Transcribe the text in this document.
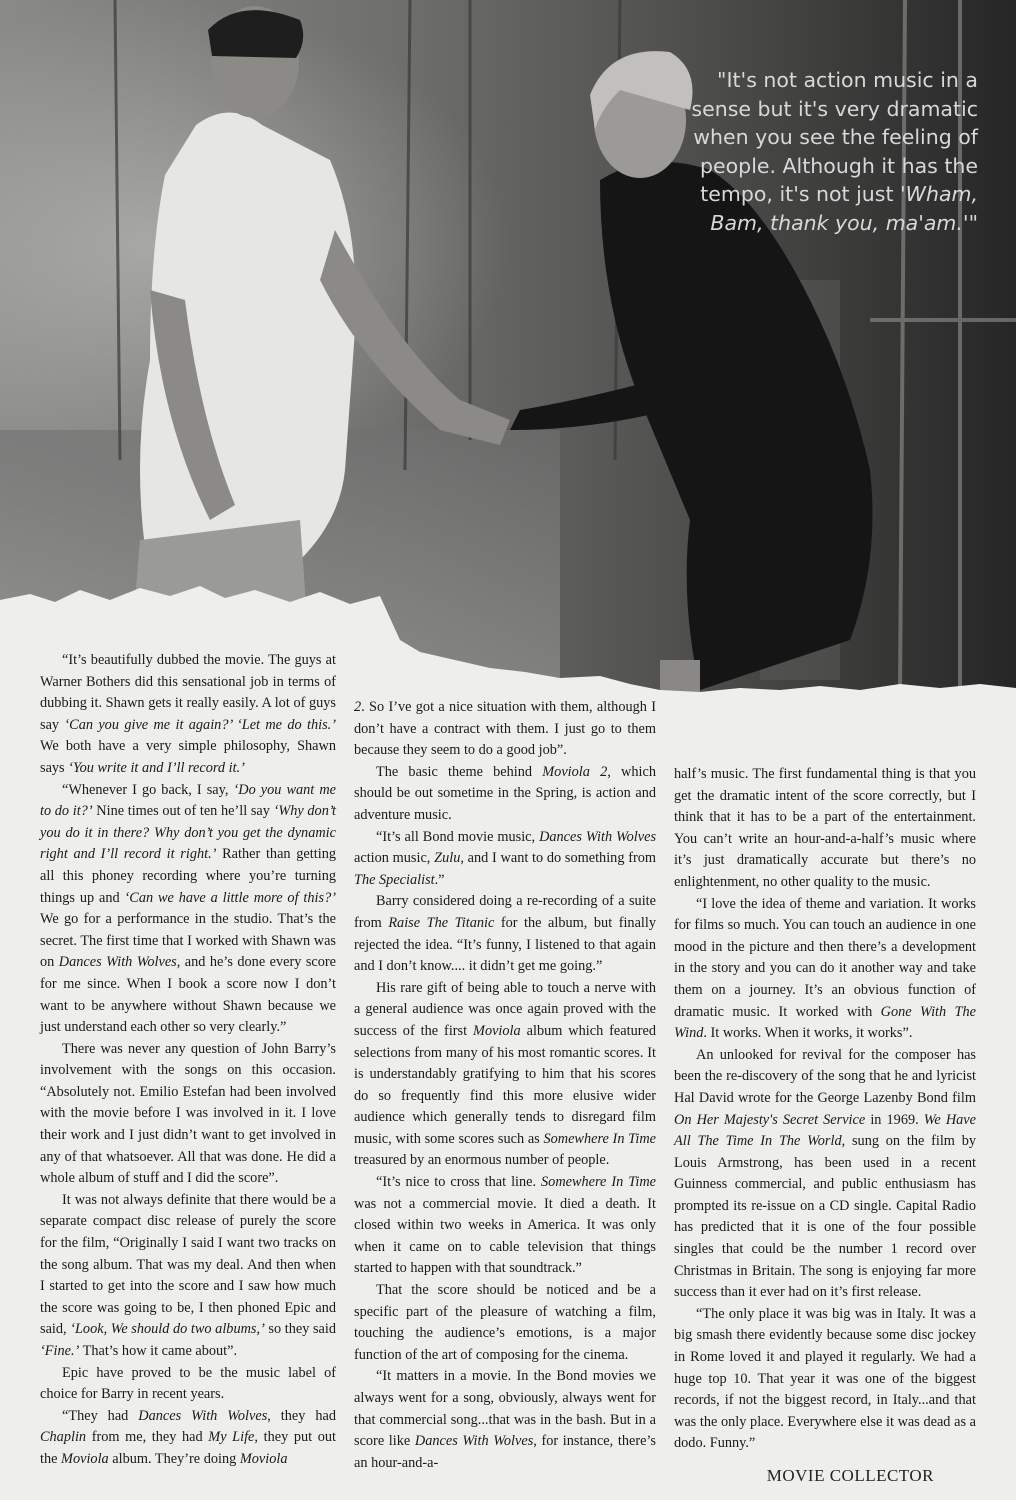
"It's not action music in a sense but it's very dramatic when you see the feeling of people. Although it has the tempo, it's not just 'Wham, Bam, thank you, ma'am.'"

“It’s beautifully dubbed the movie. The guys at Warner Bothers did this sensational job in terms of dubbing it. Shawn gets it really easily. A lot of guys say ‘Can you give me it again?’ ‘Let me do this.’ We both have a very simple philosophy, Shawn says ‘You write it and I’ll record it.’

“Whenever I go back, I say, ‘Do you want me to do it?’ Nine times out of ten he’ll say ‘Why don’t you do it in there? Why don’t you get the dynamic right and I’ll record it right.’ Rather than getting all this phoney recording where you’re turning things up and ‘Can we have a little more of this?’ We go for a performance in the studio. That’s the secret. The first time that I worked with Shawn was on Dances With Wolves, and he’s done every score for me since. When I book a score now I don’t want to be anywhere without Shawn because we just understand each other so very clearly.”

There was never any question of John Barry’s involvement with the songs on this occasion. “Absolutely not. Emilio Estefan had been involved with the movie before I was involved in it. I love their work and I just didn’t want to get involved in any of that whatsoever. All that was done. He did a whole album of stuff and I did the score”.

It was not always definite that there would be a separate compact disc release of purely the score for the film, “Originally I said I want two tracks on the song album. That was my deal. And then when I started to get into the score and I saw how much the score was going to be, I then phoned Epic and said, ‘Look, We should do two albums,’ so they said ‘Fine.’ That’s how it came about”.

Epic have proved to be the music label of choice for Barry in recent years.

“They had Dances With Wolves, they had Chaplin from me, they had My Life, they put out the Moviola album. They’re doing Moviola

2. So I’ve got a nice situation with them, although I don’t have a contract with them. I just go to them because they seem to do a good job”.

The basic theme behind Moviola 2, which should be out sometime in the Spring, is action and adventure music.

“It’s all Bond movie music, Dances With Wolves action music, Zulu, and I want to do something from The Specialist.”

Barry considered doing a re-recording of a suite from Raise The Titanic for the album, but finally rejected the idea. “It’s funny, I listened to that again and I don’t know.... it didn’t get me going.”

His rare gift of being able to touch a nerve with a general audience was once again proved with the success of the first Moviola album which featured selections from many of his most romantic scores. It is understandably gratifying to him that his scores do so frequently find this more elusive wider audience which generally tends to disregard film music, with some scores such as Somewhere In Time treasured by an enormous number of people.

“It’s nice to cross that line. Somewhere In Time was not a commercial movie. It died a death. It closed within two weeks in America. It was only when it came on to cable television that things started to happen with that soundtrack.”

That the score should be noticed and be a specific part of the pleasure of watching a film, touching the audience’s emotions, is a major function of the art of composing for the cinema.

“It matters in a movie. In the Bond movies we always went for a song, obviously, always went for that commercial song...that was in the bash. But in a score like Dances With Wolves, for instance, there’s an hour-and-a-

half’s music. The first fundamental thing is that you get the dramatic intent of the score correctly, but I think that it has to be a part of the entertainment. You can’t write an hour-and-a-half’s music where it’s just dramatically accurate but there’s no enlightenment, no other quality to the music.

“I love the idea of theme and variation. It works for films so much. You can touch an audience in one mood in the picture and then there’s a development in the story and you can do it another way and take them on a journey. It’s an obvious function of dramatic music. It worked with Gone With The Wind. It works. When it works, it works”.

An unlooked for revival for the composer has been the re-discovery of the song that he and lyricist Hal David wrote for the George Lazenby Bond film On Her Majesty's Secret Service in 1969. We Have All The Time In The World, sung on the film by Louis Armstrong, has been used in a recent Guinness commercial, and public enthusiasm has prompted its re-issue on a CD single. Capital Radio has predicted that it is one of the four possible singles that could be the number 1 record over Christmas in Britain. The song is enjoying far more success than it ever had on it’s first release.

“The only place it was big was in Italy. It was a big smash there evidently because some disc jockey in Rome loved it and played it regularly. We had a huge top 10. That year it was one of the biggest records, if not the biggest record, in Italy...and that was the only place. Everywhere else it was dead as a dodo. Funny.”

MOVIE COLLECTOR
